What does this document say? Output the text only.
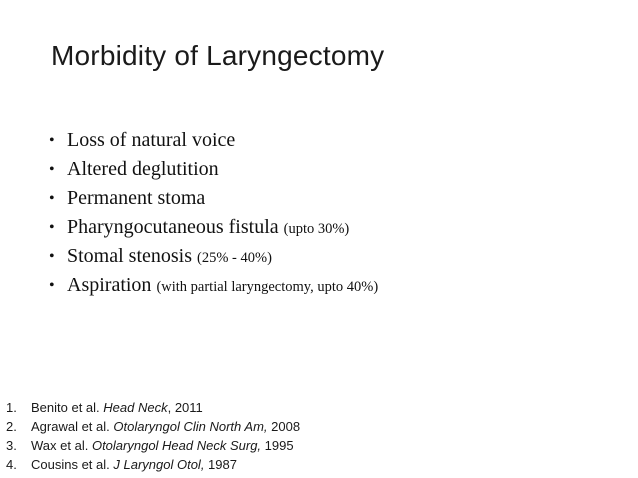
Morbidity of Laryngectomy
• Loss of natural voice
• Altered deglutition
• Permanent stoma
• Pharyngocutaneous fistula (upto 30%)
• Stomal stenosis (25% - 40%)
• Aspiration (with partial laryngectomy, upto 40%)
1. Benito et al. Head Neck, 2011
2. Agrawal et al. Otolaryngol Clin North Am, 2008
3. Wax et al. Otolaryngol Head Neck Surg, 1995
4. Cousins et al. J Laryngol Otol, 1987
